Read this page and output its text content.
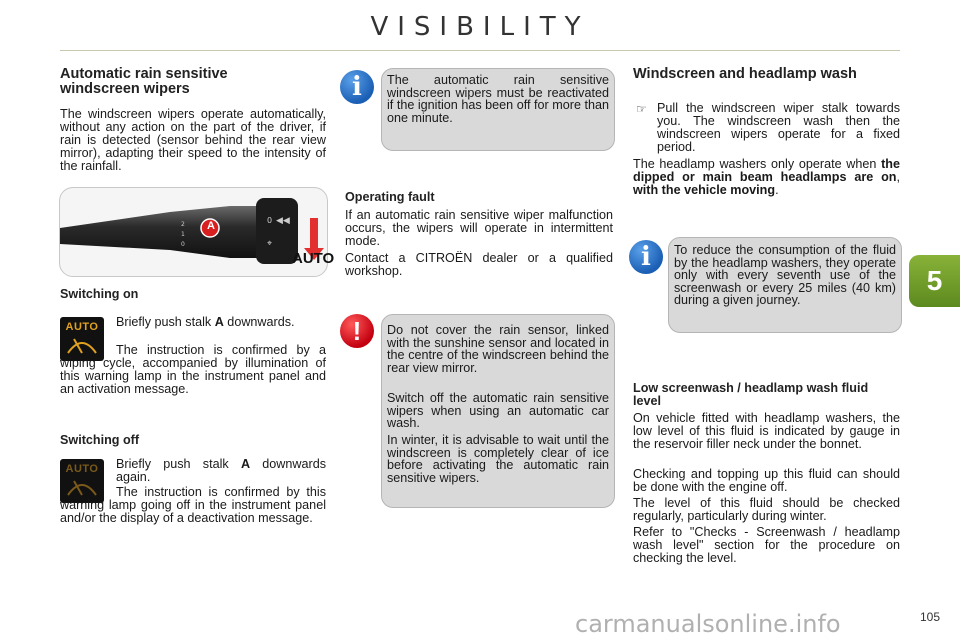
VISIBILITY
Automatic rain sensitive windscreen wipers

The windscreen wipers operate automatically, without any action on the part of the driver, if rain is detected (sensor behind the rear view mirror), adapting their speed to the intensity of the rainfall.

2
1
0
0 ◀◀
⌖
A
AUTO
Switching on
AUTO	Briefly push stalk A downwards.

The instruction is confirmed by a wiping cycle, accompanied by illumination of this warning lamp in the instrument panel and an activation message.

Switching off
AUTO	Briefly push stalk A downwards again.

The instruction is confirmed by this warning lamp going off in the instrument panel and/or the display of a deactivation message.

The automatic rain sensitive windscreen wipers must be reactivated if the ignition has been off for more than one minute.

i
Operating fault

If an automatic rain sensitive wiper malfunction occurs, the wipers will operate in intermittent mode.

Contact a CITROËN dealer or a qualified workshop.

Do not cover the rain sensor, linked with the sunshine sensor and located in the centre of the windscreen behind the rear view mirror.

Switch off the automatic rain sensitive wipers when using an automatic car wash.

In winter, it is advisable to wait until the windscreen is completely clear of ice before activating the automatic rain sensitive wipers.

!
Windscreen and headlamp wash
☞ Pull the windscreen wiper stalk towards you. The windscreen wash then the windscreen wipers operate for a fixed period.

The headlamp washers only operate when the dipped or main beam headlamps are on, with the vehicle moving.

To reduce the consumption of the fluid by the headlamp washers, they operate only with every seventh use of the screenwash or every 25 miles (40 km) during a given journey.

i
Low screenwash / headlamp wash fluid level

On vehicle fitted with headlamp washers, the low level of this fluid is indicated by gauge in the reservoir filler neck under the bonnet.

Checking and topping up this fluid can should be done with the engine off.

The level of this fluid should be checked regularly, particularly during winter.

Refer to "Checks - Screenwash / headlamp wash level" section for the procedure on checking the level.

5
carmanualsonline.info	105
